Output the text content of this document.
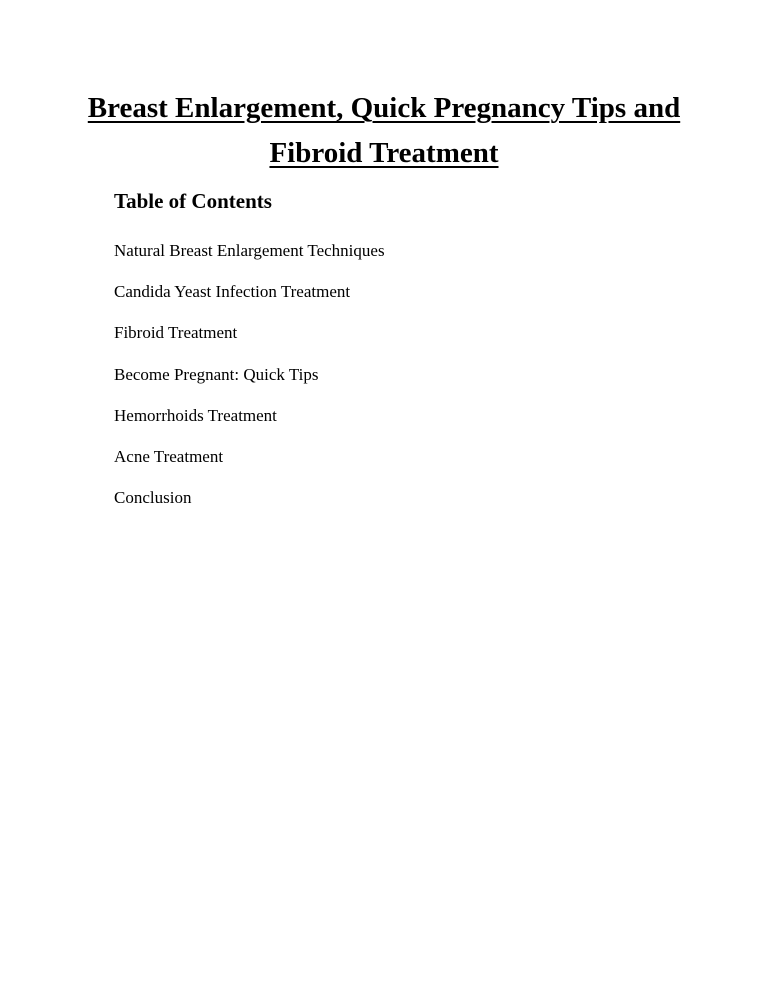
Breast Enlargement, Quick Pregnancy Tips and Fibroid Treatment
Table of Contents
Natural Breast Enlargement Techniques
Candida Yeast Infection Treatment
Fibroid Treatment
Become Pregnant: Quick Tips
Hemorrhoids Treatment
Acne Treatment
Conclusion
